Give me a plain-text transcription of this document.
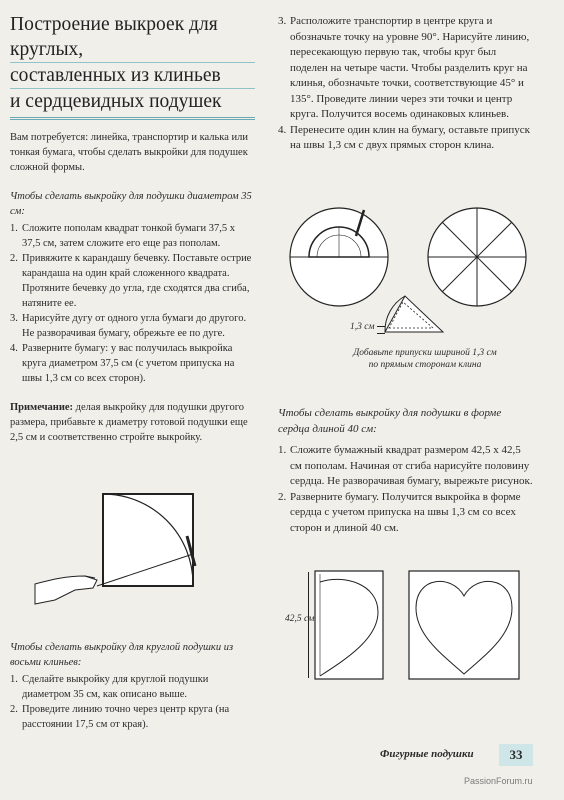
Построение выкроек для круглых,
составленных из клиньев
и сердцевидных подушек

Вам потребуется: линейка, транспортир и калька или тонкая бумага, чтобы сделать выкройки для подушек сложной формы.

Чтобы сделать выкройку для подушки диаметром 35 см:

1. Сложите пополам квадрат тонкой бумаги 37,5 x 37,5 см, затем сложите его еще раз пополам.
2. Привяжите к карандашу бечевку. Поставьте острие карандаша на один край сложенного квадрата. Протяните бечевку до угла, где сходятся два сгиба, натяните ее.
3. Нарисуйте дугу от одного угла бумаги до другого. Не разворачивая бумагу, обрежьте ее по дуге.
4. Разверните бумагу: у вас получилась выкройка круга диаметром 37,5 см (с учетом припуска на швы 1,3 см со всех сторон).

Примечание: делая выкройку для подушки другого размера, прибавьте к диаметру готовой подушки еще 2,5 см и соответственно стройте выкройку.

Чтобы сделать выкройку для круглой подушки из восьми клиньев:

1. Сделайте выкройку для круглой подушки диаметром 35 см, как описано выше.
2. Проведите линию точно через центр круга (на расстоянии 17,5 см от края).
3. Расположите транспортир в центре круга и обозначьте точку на уровне 90°. Нарисуйте линию, пересекающую первую так, чтобы круг был поделен на четыре части. Чтобы разделить круг на клинья, обозначьте точки, соответствующие 45° и 135°. Проведите линии через эти точки и центр круга. Получится восемь одинаковых клиньев.
4. Перенесите один клин на бумагу, оставьте припуск на швы 1,3 см с двух прямых сторон клина.
1,3 см
Добавьте припуски шириной 1,3 см
по прямым сторонам клина

Чтобы сделать выкройку для подушки в форме сердца длиной 40 см:

1. Сложите бумажный квадрат размером 42,5 x 42,5 см пополам. Начиная от сгиба нарисуйте половину сердца. Не разворачивая бумагу, вырежьте рисунок.
2. Разверните бумагу. Получится выкройка в форме сердца с учетом припуска на швы 1,3 см со всех сторон и длиной 40 см.
42,5 см
Фигурные подушки	33
PassionForum.ru
